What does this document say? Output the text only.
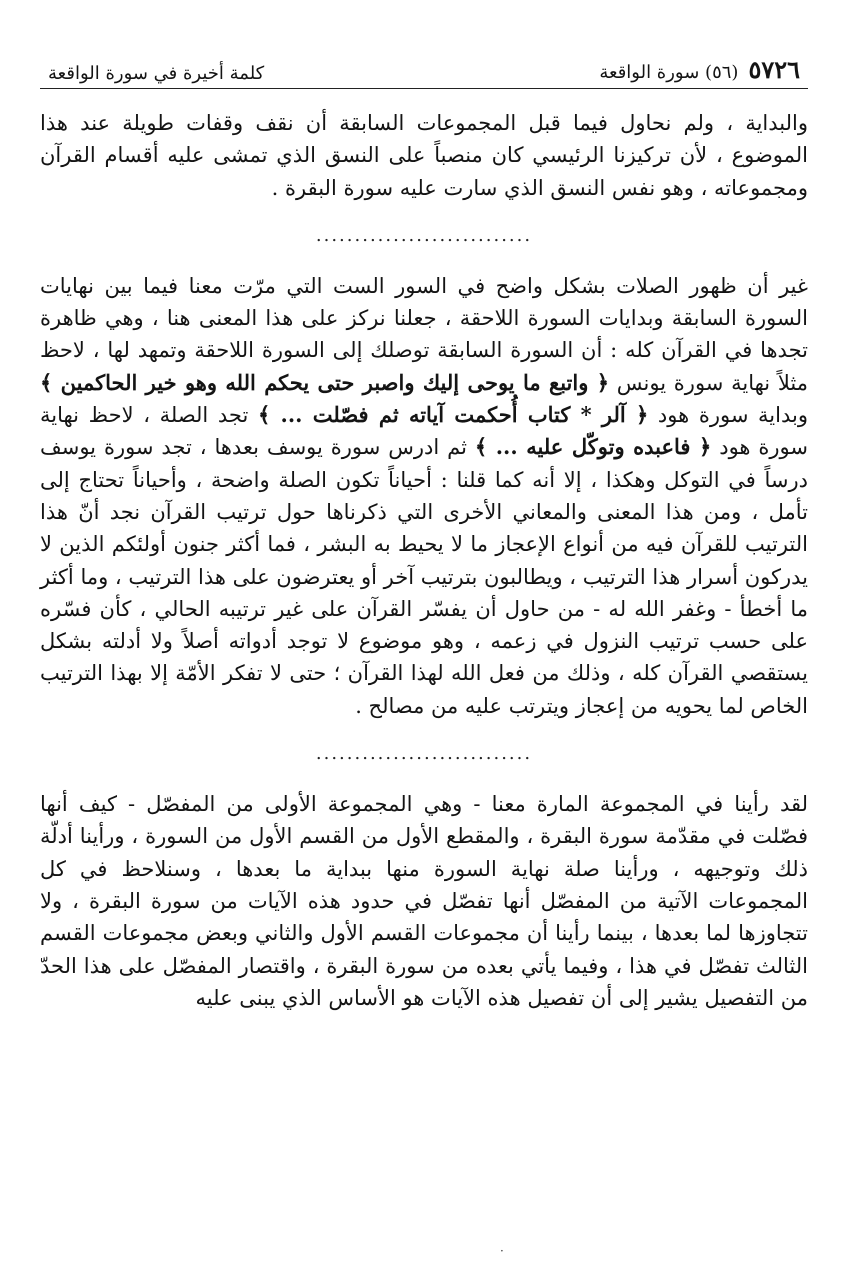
٥٧٢٦
(٥٦) سورة الواقعة
كلمة أخيرة في سورة الواقعة

والبداية ، ولم نحاول فيما قبل المجموعات السابقة أن نقف وقفات طويلة عند هذا الموضوع ، لأن تركيزنا الرئيسي كان منصباً على النسق الذي تمشى عليه أقسام القرآن ومجموعاته ، وهو نفس النسق الذي سارت عليه سورة البقرة .

............................

غير أن ظهور الصلات بشكل واضح في السور الست التي مرّت معنا فيما بين نهايات السورة السابقة وبدايات السورة اللاحقة ، جعلنا نركز على هذا المعنى هنا ، وهي ظاهرة تجدها في القرآن كله : أن السورة السابقة توصلك إلى السورة اللاحقة وتمهد لها ، لاحظ مثلاً نهاية سورة يونس ﴿ واتبع ما يوحى إليك واصبر حتى يحكم الله وهو خير الحاكمين ﴾ وبداية سورة هود ﴿ آلر * كتاب أُحكمت آياته ثم فصّلت ... ﴾ تجد الصلة ، لاحظ نهاية سورة هود ﴿ فاعبده وتوكّل عليه ... ﴾ ثم ادرس سورة يوسف بعدها ، تجد سورة يوسف درساً في التوكل وهكذا ، إلا أنه كما قلنا : أحياناً تكون الصلة واضحة ، وأحياناً تحتاج إلى تأمل ، ومن هذا المعنى والمعاني الأخرى التي ذكرناها حول ترتيب القرآن نجد أنّ هذا الترتيب للقرآن فيه من أنواع الإعجاز ما لا يحيط به البشر ، فما أكثر جنون أولئكم الذين لا يدركون أسرار هذا الترتيب ، ويطالبون بترتيب آخر أو يعترضون على هذا الترتيب ، وما أكثر ما أخطأ - وغفر الله له - من حاول أن يفسّر القرآن على غير ترتيبه الحالي ، كأن فسّره على حسب ترتيب النزول في زعمه ، وهو موضوع لا توجد أدواته أصلاً ولا أدلته بشكل يستقصي القرآن كله ، وذلك من فعل الله لهذا القرآن ؛ حتى لا تفكر الأمّة إلا بهذا الترتيب الخاص لما يحويه من إعجاز ويترتب عليه من مصالح .

............................

لقد رأينا في المجموعة المارة معنا - وهي المجموعة الأولى من المفصّل - كيف أنها فصّلت في مقدّمة سورة البقرة ، والمقطع الأول من القسم الأول من السورة ، ورأينا أدلّة ذلك وتوجيهه ، ورأينا صلة نهاية السورة منها ببداية ما بعدها ، وسنلاحظ في كل المجموعات الآتية من المفصّل أنها تفصّل في حدود هذه الآيات من سورة البقرة ، ولا تتجاوزها لما بعدها ، بينما رأينا أن مجموعات القسم الأول والثاني وبعض مجموعات القسم الثالث تفصّل في هذا ، وفيما يأتي بعده من سورة البقرة ، واقتصار المفصّل على هذا الحدّ من التفصيل يشير إلى أن تفصيل هذه الآيات هو الأساس الذي يبنى عليه

·
